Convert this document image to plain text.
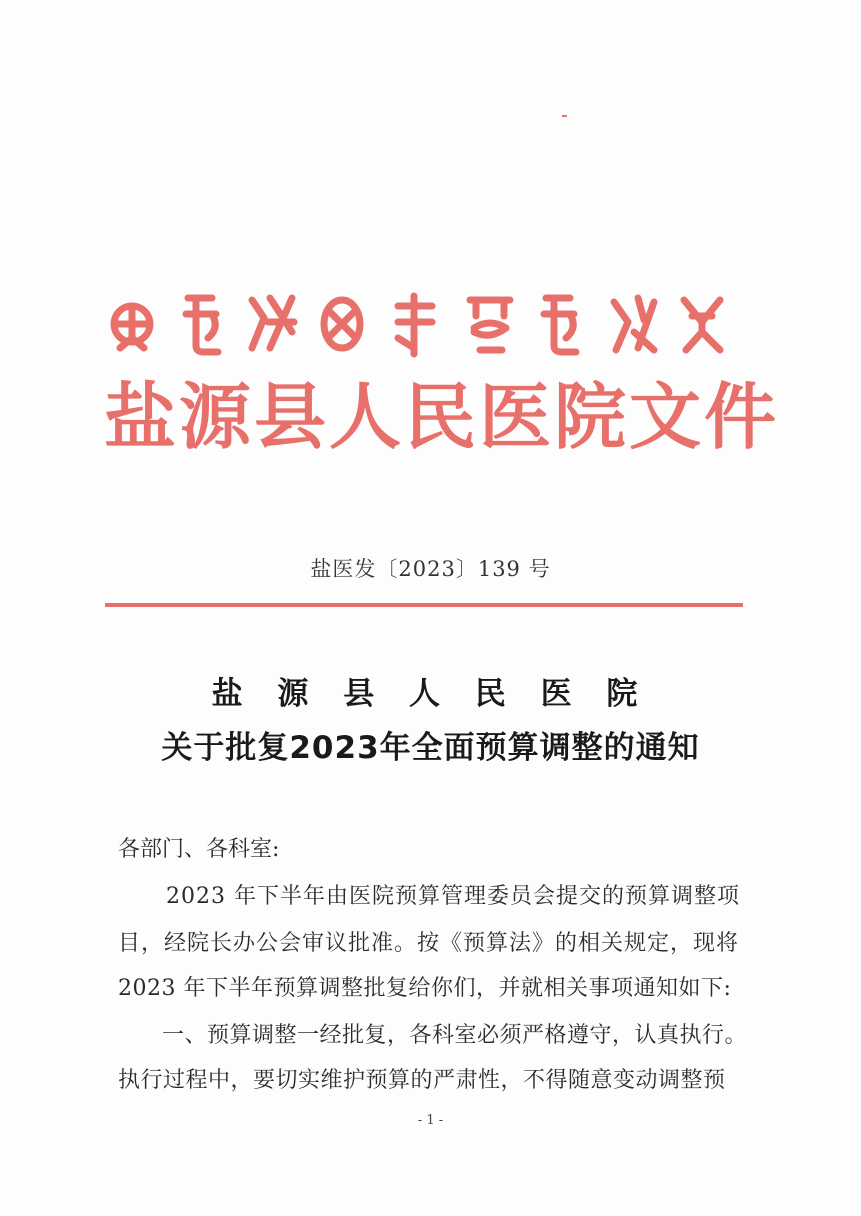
盐源县人民医院文件
盐医发〔2023〕139 号
盐 源 县 人 民 医 院
关于批复2023年全面预算调整的通知
各部门、各科室:
2023 年下半年由医院预算管理委员会提交的预算调整项
目，经院长办公会审议批准。按《预算法》的相关规定，现将
2023 年下半年预算调整批复给你们，并就相关事项通知如下:
一、预算调整一经批复，各科室必须严格遵守，认真执行。
执行过程中，要切实维护预算的严肃性，不得随意变动调整预
- 1 -
